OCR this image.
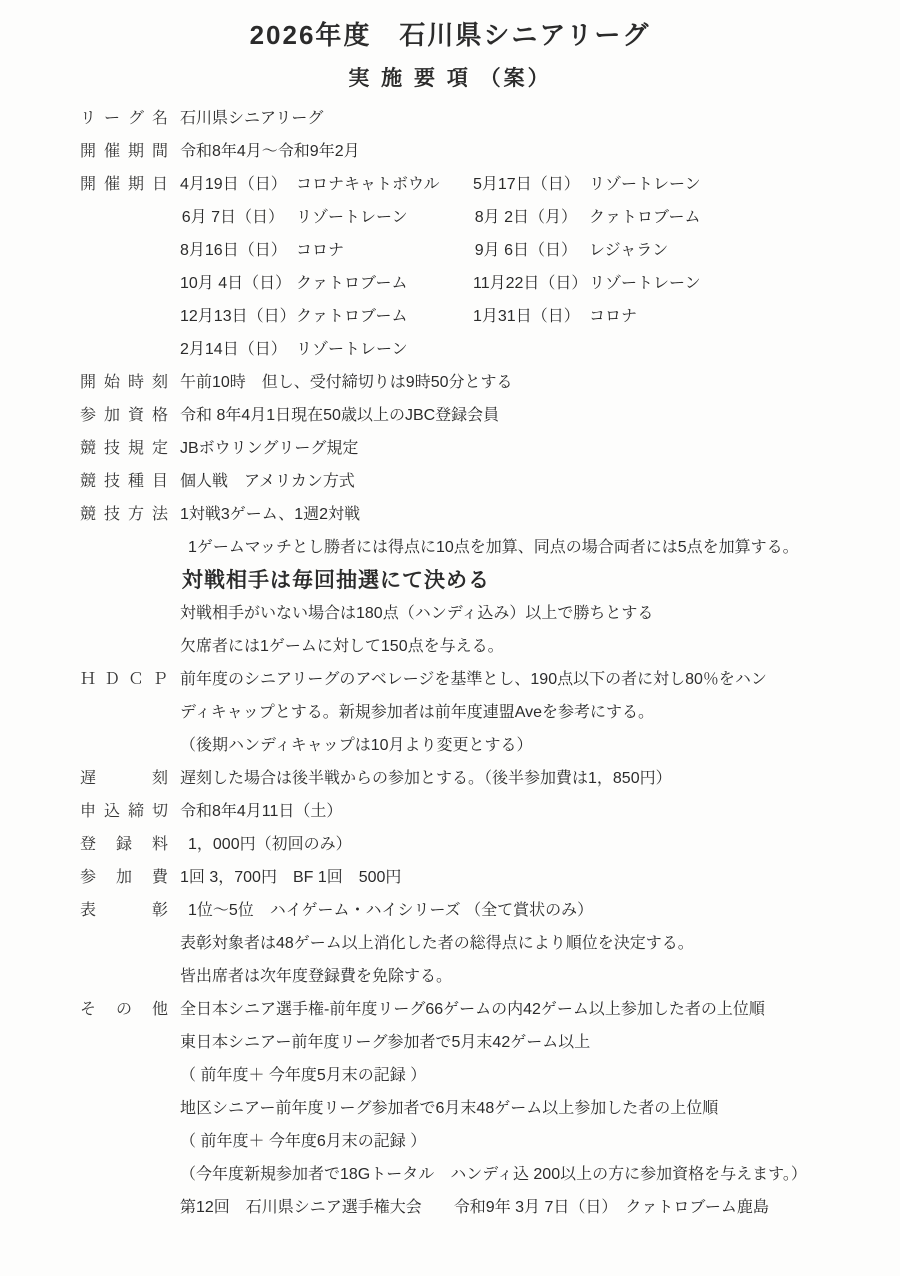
2026年度　石川県シニアリーグ
実 施 要 項 （案）
リーグ名 石川県シニアリーグ
開催期間 令和8年4月～令和9年2月
開催期日 4月19日（日） コロナキャトボウル 5月17日（日） リゾートレーン
6月 7日（日） リゾートレーン	8月 2日（月） クァトロブーム
8月16日（日） コロナ	9月 6日（日） レジャラン
10月 4日（日） クァトロブーム	11月22日（日） リゾートレーン
12月13日（日） クァトロブーム	1月31日（日） コロナ
2月14日（日） リゾートレーン
開始時刻 午前10時　但し、受付締切りは9時50分とする
参加資格 令和 8年4月1日現在50歳以上のJBC登録会員
競技規定 JBボウリングリーグ規定
競技種目 個人戦　アメリカン方式
競技方法 1対戦3ゲーム、1週2対戦
1ゲームマッチとし勝者には得点に10点を加算、同点の場合両者には5点を加算する。
対戦相手は毎回抽選にて決める
対戦相手がいない場合は180点（ハンディ込み）以上で勝ちとする
欠席者には1ゲームに対して150点を与える。
ＨＤＣＰ 前年度のシニアリーグのアベレージを基準とし、190点以下の者に対し80％をハン
ディキャップとする。新規参加者は前年度連盟Aveを参考にする。
（後期ハンディキャップは10月より変更とする）
遅刻 遅刻した場合は後半戦からの参加とする。（後半参加費は1，850円）
申込締切 令和8年4月11日（土）
登録料 1，000円（初回のみ）
参加費 1回 3，700円　BF 1回　500円
表彰 1位～5位　ハイゲーム・ハイシリーズ （全て賞状のみ）
表彰対象者は48ゲーム以上消化した者の総得点により順位を決定する。
皆出席者は次年度登録費を免除する。
その他 全日本シニア選手権-前年度リーグ66ゲームの内42ゲーム以上参加した者の上位順
東日本シニアー前年度リーグ参加者で5月末42ゲーム以上
（ 前年度＋ 今年度5月末の記録 ）
地区シニアー前年度リーグ参加者で6月末48ゲーム以上参加した者の上位順
（ 前年度＋ 今年度6月末の記録 ）
（今年度新規参加者で18Gトータル　ハンディ込 200以上の方に参加資格を与えます。）
第12回　石川県シニア選手権大会　　令和9年 3月 7日（日）　クァトロブーム鹿島
